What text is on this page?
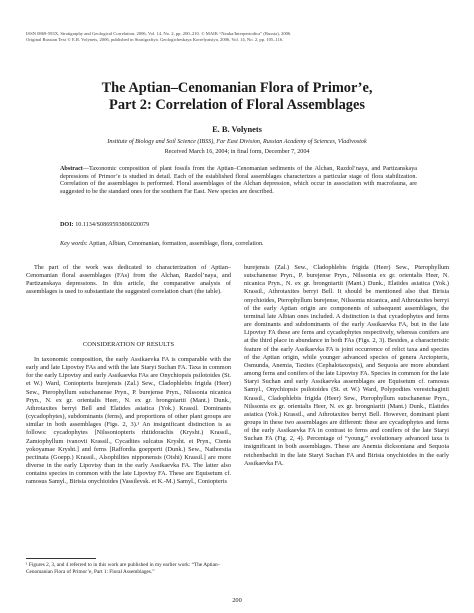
ISSN 0869-593X, Stratigraphy and Geological Correlation, 2006, Vol. 14, No. 2, pp. 200–210. © MAIK “Nauka/Interperiodica” (Russia), 2006.
Original Russian Text © E.B. Volynets, 2006, published in Stratigrafiya. Geologicheskaya Korrelyatsiya, 2006, Vol. 14, No. 2, pp. 105–116.
The Aptian–Cenomanian Flora of Primor’e,
Part 2: Correlation of Floral Assemblages
E. B. Volynets
Institute of Biology and Soil Science (IBSS), Far East Division, Russian Academy of Sciences, Vladivostok
Received March 16, 2004; in final form, December 7, 2004
Abstract—Taxonomic composition of plant fossils from the Aptian–Cenomanian sediments of the Alchan, Razdol’naya, and Partizanskaya depressions of Primor’e is studied in detail. Each of the established floral assemblages characterizes a particular stage of flora stabilization. Correlation of the assemblages is performed. Floral assemblages of the Alchan depression, which occur in association with macrofauna, are suggested to be the standard ones for the southern Far East. New species are described.
DOI: 10.1134/S0869593806020079
Key words: Aptian, Albian, Cenomanian, formation, assemblage, flora, correlation.

The part of the work was dedicated to characterization of Aptian–Cenomanian floral assemblages (FAs) from the Alchan, Razdol’naya, and Partizanskaya depressions. In this article, the comparative analysis of assemblages is used to substantiate the suggested correlation chart (the table).

CONSIDERATION OF RESULTS

In taxonomic composition, the early Assikaevka FA is comparable with the early and late Lipovtsy FAs and with the late Staryi Suchan FA. Taxa in common for the early Lipovtsy and early Assikaevka FAs are Onychiopsis psilotoides (St. et W.) Ward, Coniopteris burejensis (Zal.) Sew., Cladophlebis frigida (Heer) Sew., Pterophyllum sutschanense Pryn., P. burejense Pryn., Nilssonia nicanica Pryn., N. ex gr. orientalis Heer., N. ex gr. brongniartii (Mant.) Dunk., Athrotaxites berryi Bell and Elatides asiatica (Yok.) Krassil. Dominants (cycadophytes), subdominants (ferns), and proportions of other plant groups are similar in both assemblages (Figs. 2, 3).¹ An insignificant distinction is as follows: cycadophytes [Nilssoniopteris rhitidorachis (Krysht.) Krassil., Zamiophyllum ivanovii Krassil., Cycadites sulcatus Krysht. et Pryn., Ctenis yokoyamae Krysht.] and ferns [Raffordia goepperti (Dunk.) Sew., Nathorstia pectinata (Goepp.) Krassil., Alsophilites nipponensis (Oishi) Krassil.] are more diverse in the early Lipovtsy than in the early Assikaevka FA. The latter also contains species in common with the late Lipovtsy FA. These are Equisetum cf. ramosus Samyl., Birisia onychioides (Vassilevsk. et K.-M.) Samyl., Coniopteris

¹ Figures 2, 3, and 4 referred to in this work are published in my earlier work: “The Aptian–Cenomanian Flora of Primor’e, Part 1: Floral Assemblages.”

burejensis (Zal.) Sew., Cladophlebis frigida (Heer) Sew., Pterophyllum sutschanense Pryn., P. burejense Pryn., Nilssonia ex gr. orientalis Heer, N. nicanica Pryn., N. ex gr. brongniartii (Mant.) Dunk., Elatides asiatica (Yok.) Krassil., Athrotaxites berryi Bell. It should be mentioned also that Birisia onychioides, Pterophyllum burejense, Nilssonia nicanica, and Athrotaxites berryi of the early Aptian origin are components of subsequent assemblages, the terminal late Albian ones included. A distinction is that cycadophytes and ferns are dominants and subdominants of the early Assikaevka FA, but in the late Lipovtsy FA these are ferns and cycadophytes respectively, whereas conifers are at the third place in abundance in both FAs (Figs. 2, 3). Besides, a characteristic feature of the early Assikaevka FA is joint occurrence of relict taxa and species of the Aptian origin, while younger advanced species of genera Arctopteris, Osmunda, Anemia, Taxites (Cephalotaxopsis), and Sequoia are more abundant among ferns and conifers of the late Lipovtsy FA. Species in common for the late Staryi Suchan and early Assikaevka assemblages are Equisetum cf. ramosus Samyl., Onychiopsis psilotoides (St. et W.) Ward, Polypodites verestchaginii Krassil., Cladophlebis frigida (Heer) Sew., Pterophyllum sutschanense Pryn., Nilssonia ex gr. orientalis Heer, N. ex gr. brongniartii (Mant.) Dunk., Elatides asiatica (Yok.) Krassil., and Athrotaxites berryi Bell. However, dominant plant groups in these two assemblages are different: these are cycadophytes and ferns of the early Assikaevka FA in contrast to ferns and conifers of the late Staryi Suchan FA (Fig. 2, 4). Percentage of “young,” evolutionary advanced taxa is insignificant in both assemblages. These are Anemia dicksoniana and Sequoia reichenbachii in the late Staryi Suchan FA and Birisia onychioides in the early Assikaevka FA.

200
